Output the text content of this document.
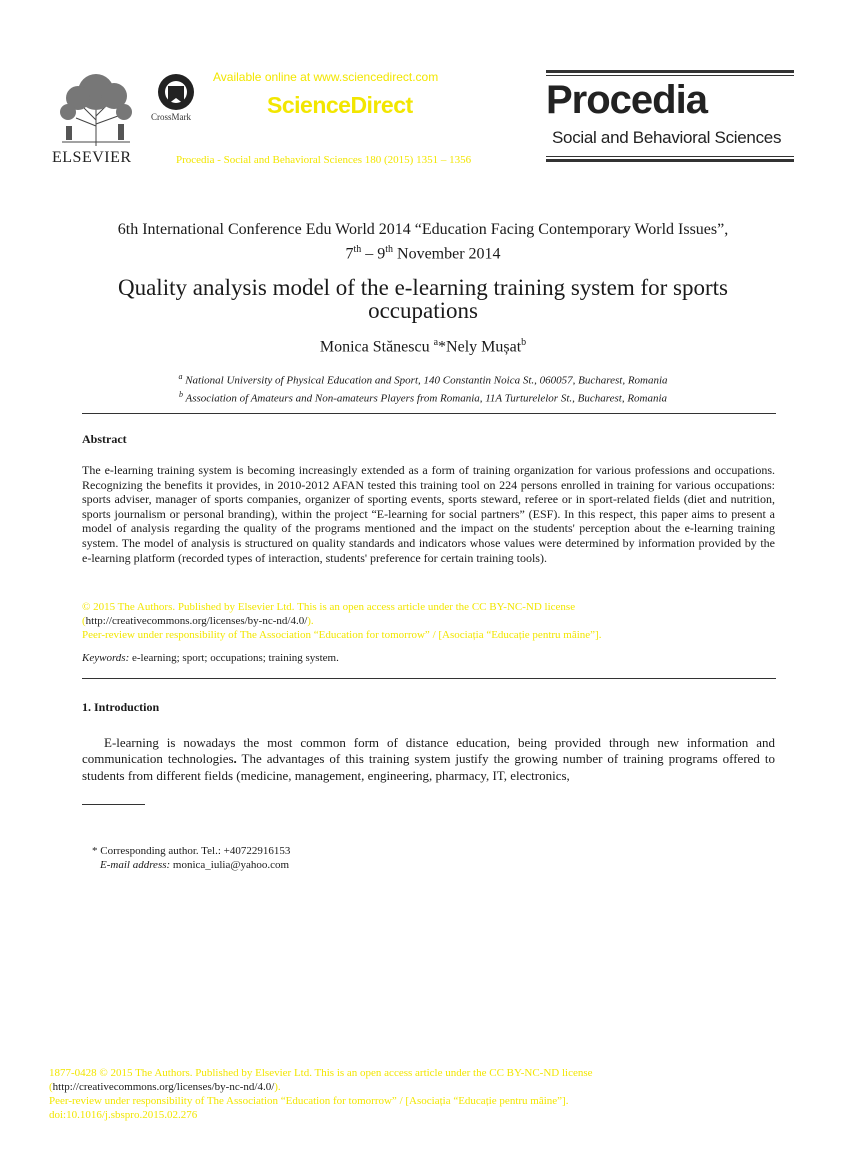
ELSEVIER
CrossMark
Available online at www.sciencedirect.com
ScienceDirect
Procedia - Social and Behavioral Sciences 180 (2015) 1351 – 1356
Procedia
Social and Behavioral Sciences
6th International Conference Edu World 2014 “Education Facing Contemporary World Issues”,
7th – 9th November 2014
Quality analysis model of the e-learning training system for sports
occupations
Monica Stănescu $^a$*Nely Mușat$^b$
$^a$ National University of Physical Education and Sport, 140 Constantin Noica St., 060057, Bucharest, Romania
$^b$ Association of Amateurs and Non-amateurs Players from Romania, 11A Turturelelor St., Bucharest, Romania
Abstract
The e-learning training system is becoming increasingly extended as a form of training organization for various professions and occupations. Recognizing the benefits it provides, in 2010-2012 AFAN tested this training tool on 224 persons enrolled in training for various occupations: sports adviser, manager of sports companies, organizer of sporting events, sports steward, referee or in sport-related fields (diet and nutrition, sports journalism or personal branding), within the project “E-learning for social partners” (ESF). In this respect, this paper aims to present a model of analysis regarding the quality of the programs mentioned and the impact on the students' perception about the e-learning training system. The model of analysis is structured on quality standards and indicators whose values were determined by information provided by the e-learning platform (recorded types of interaction, students' preference for certain training tools).
© 2015 The Authors. Published by Elsevier Ltd. This is an open access article under the CC BY-NC-ND license
(http://creativecommons.org/licenses/by-nc-nd/4.0/).
Peer-review under responsibility of The Association “Education for tomorrow” / [Asociația “Educație pentru mâine”].
Keywords: e-learning; sport; occupations; training system.
1. Introduction
E-learning is nowadays the most common form of distance education, being provided through new information and communication technologies. The advantages of this training system justify the growing number of training programs offered to students from different fields (medicine, management, engineering, pharmacy, IT, electronics,
* Corresponding author. Tel.: +40722916153
E-mail address: monica_iulia@yahoo.com
1877-0428 © 2015 The Authors. Published by Elsevier Ltd. This is an open access article under the CC BY-NC-ND license
(http://creativecommons.org/licenses/by-nc-nd/4.0/).
Peer-review under responsibility of The Association “Education for tomorrow” / [Asociația “Educație pentru mâine”].
doi:10.1016/j.sbspro.2015.02.276
